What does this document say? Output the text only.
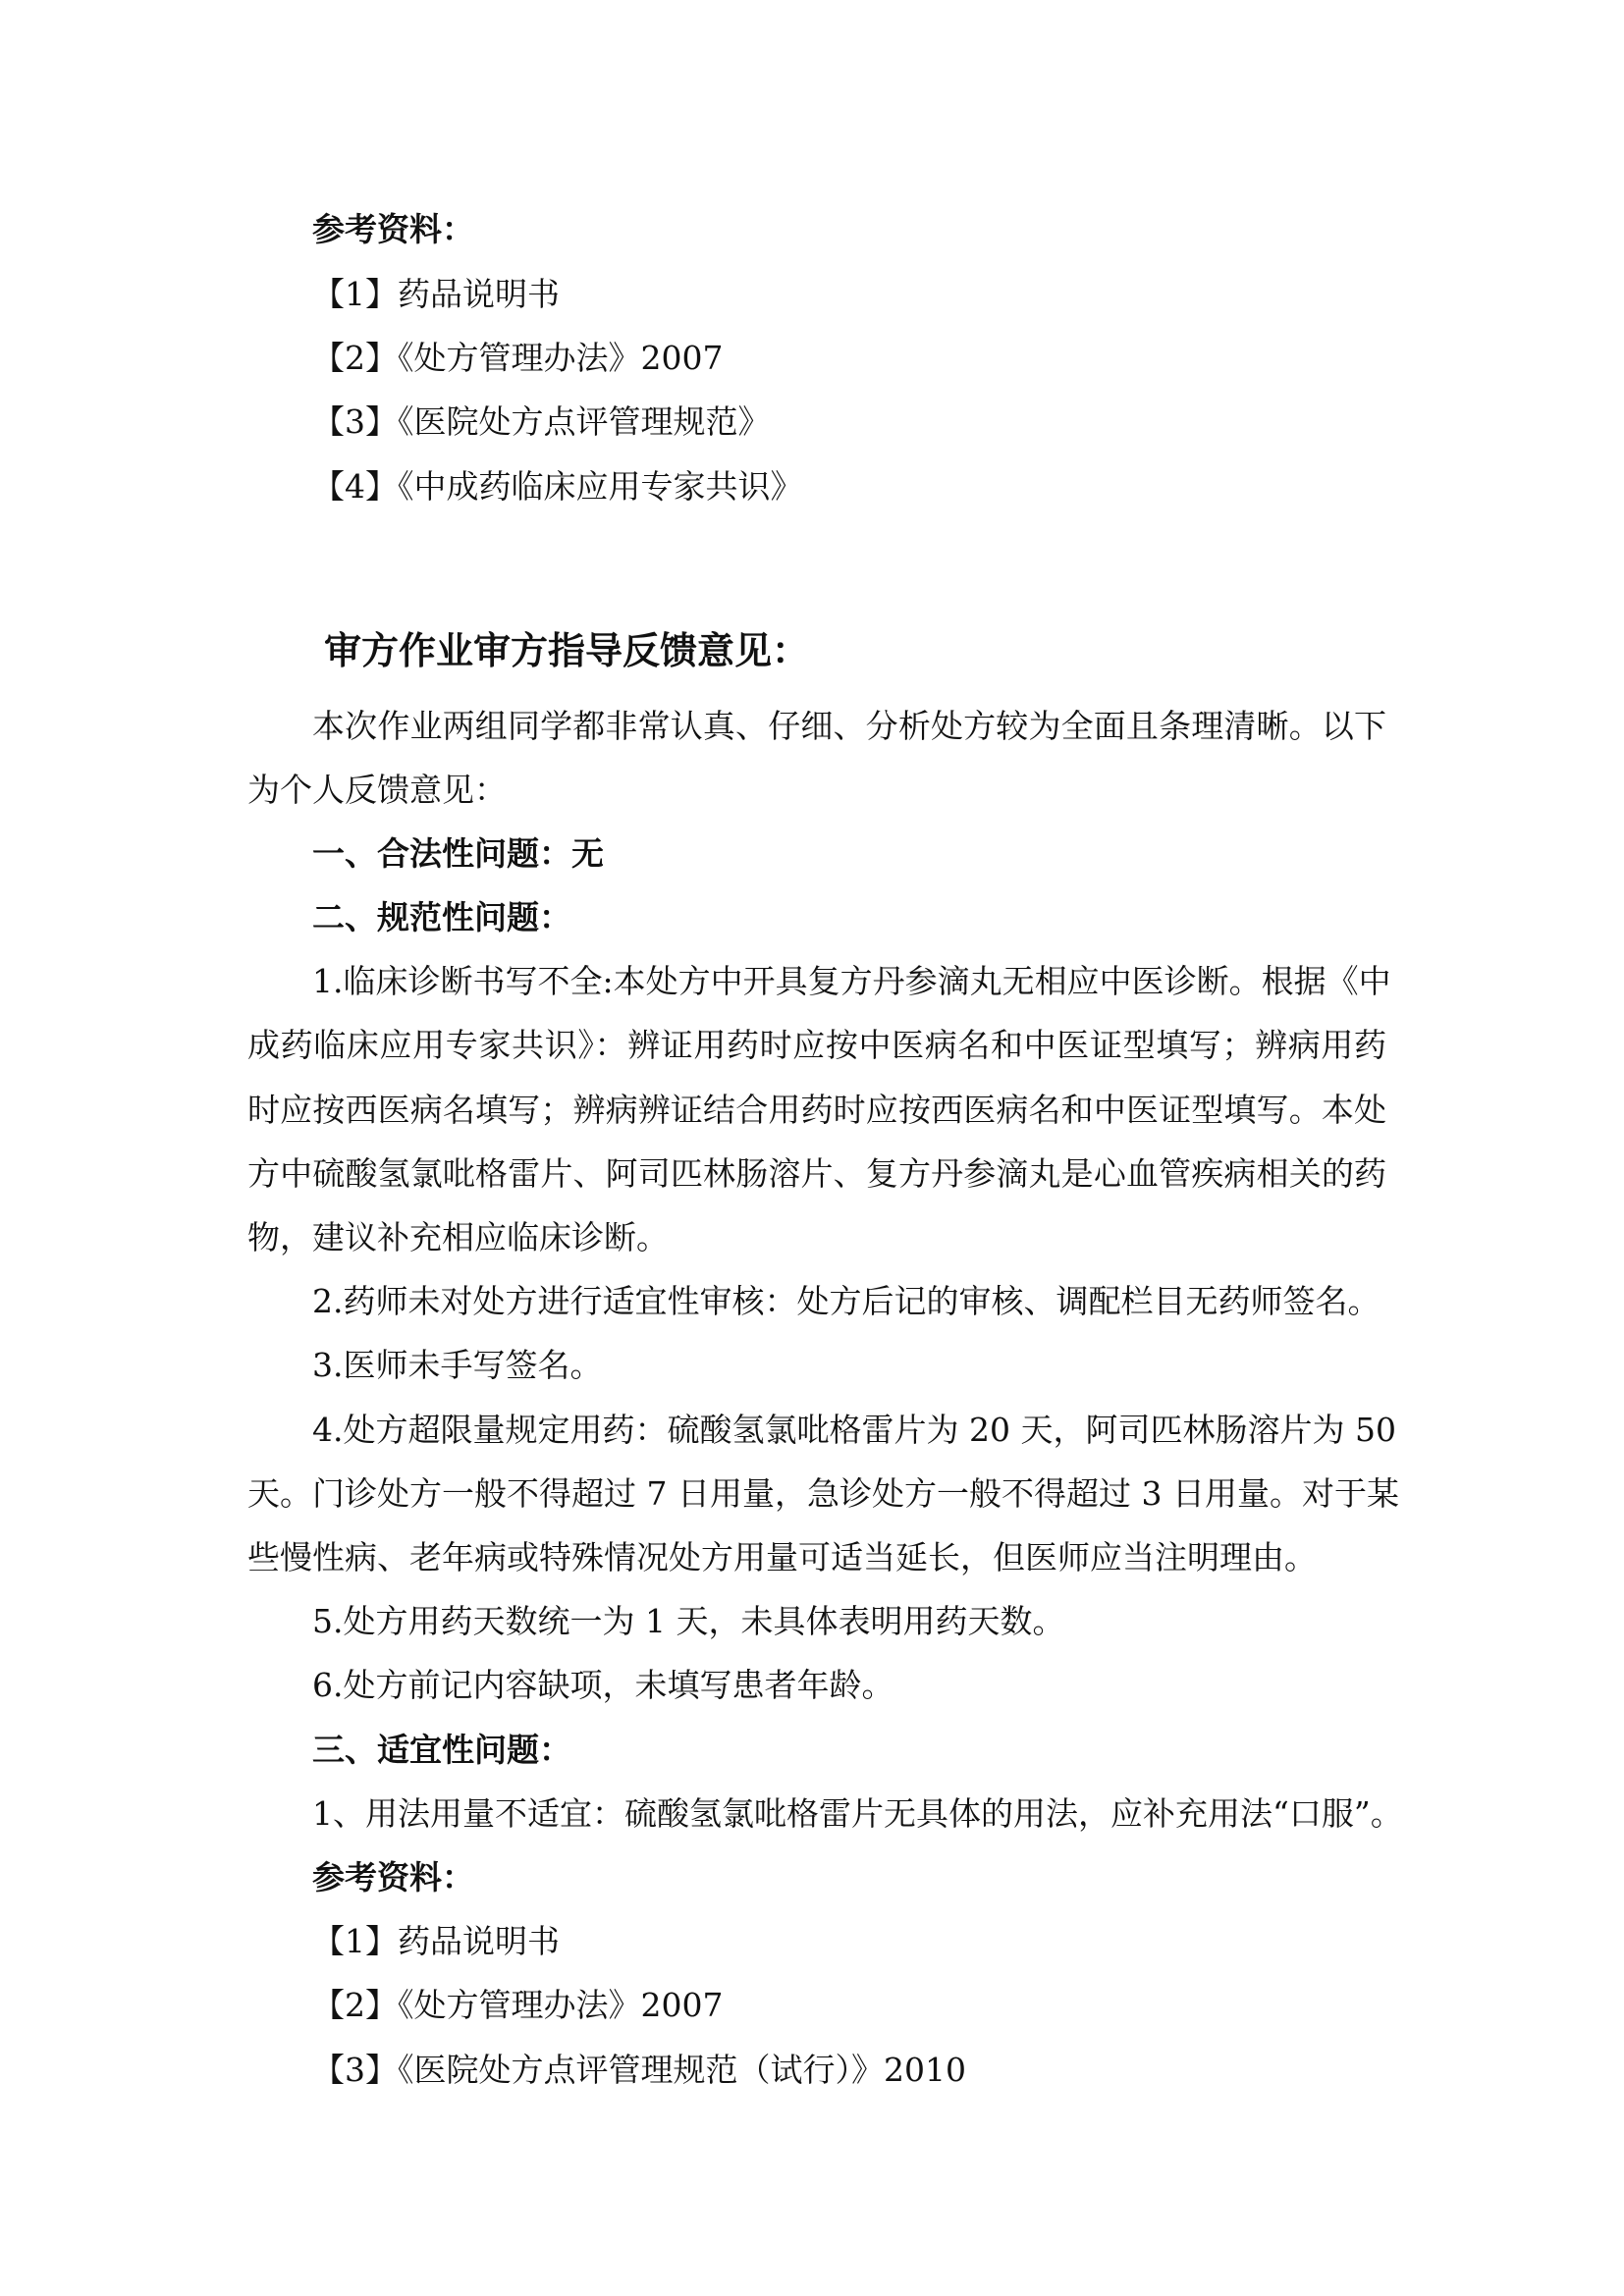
参考资料：
【1】药品说明书
【2】《处方管理办法》2007
【3】《医院处方点评管理规范》
【4】《中成药临床应用专家共识》
审方作业审方指导反馈意见：
本次作业两组同学都非常认真、仔细、分析处方较为全面且条理清晰。以下
为个人反馈意见：
一、合法性问题：无
二、规范性问题：
1.临床诊断书写不全:本处方中开具复方丹参滴丸无相应中医诊断。根据《中
成药临床应用专家共识》：辨证用药时应按中医病名和中医证型填写；辨病用药
时应按西医病名填写；辨病辨证结合用药时应按西医病名和中医证型填写。本处
方中硫酸氢氯吡格雷片、阿司匹林肠溶片、复方丹参滴丸是心血管疾病相关的药
物，建议补充相应临床诊断。
2.药师未对处方进行适宜性审核：处方后记的审核、调配栏目无药师签名。
3.医师未手写签名。
4.处方超限量规定用药：硫酸氢氯吡格雷片为 20 天，阿司匹林肠溶片为 50
天。门诊处方一般不得超过 7 日用量，急诊处方一般不得超过 3 日用量。对于某
些慢性病、老年病或特殊情况处方用量可适当延长，但医师应当注明理由。
5.处方用药天数统一为 1 天，未具体表明用药天数。
6.处方前记内容缺项，未填写患者年龄。
三、适宜性问题：
1、用法用量不适宜：硫酸氢氯吡格雷片无具体的用法，应补充用法“口服”。
参考资料：
【1】药品说明书
【2】《处方管理办法》2007
【3】《医院处方点评管理规范（试行）》2010
